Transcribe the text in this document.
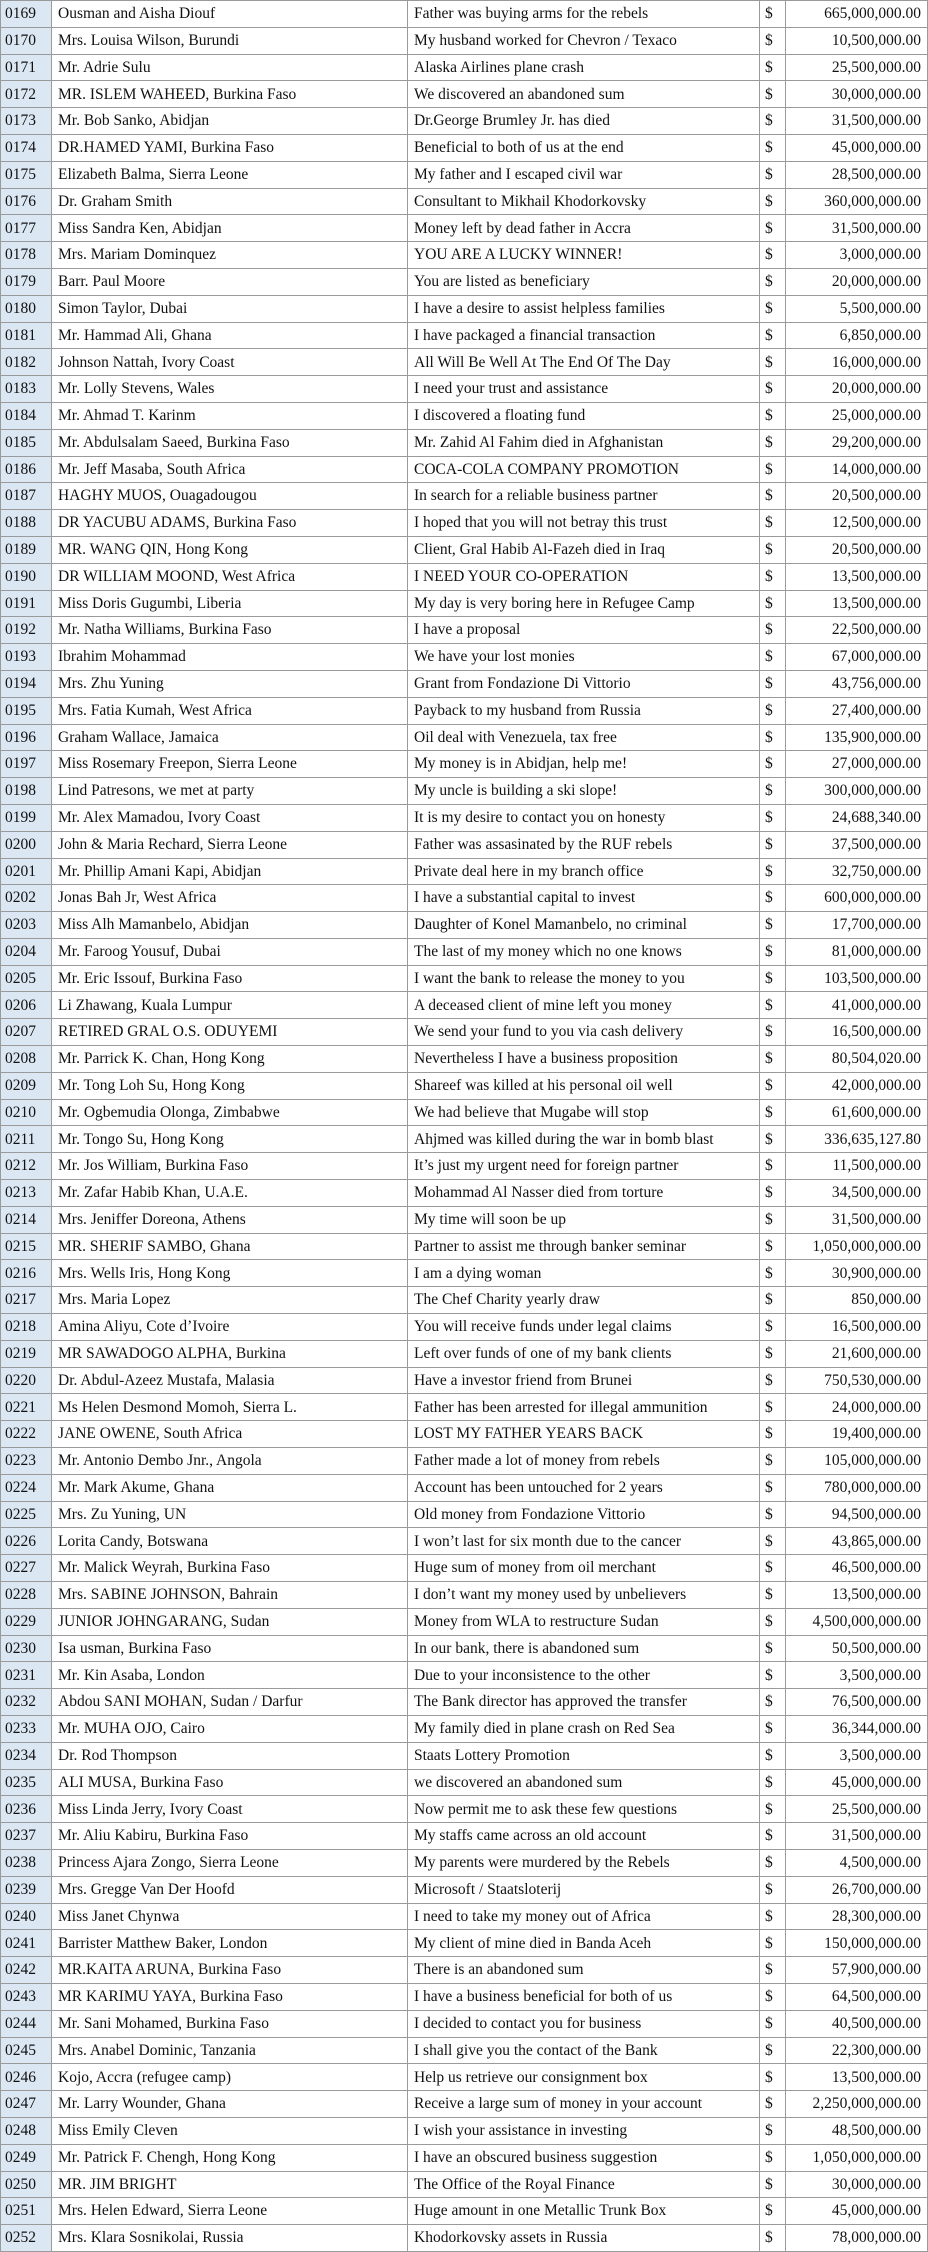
0169	Ousman and Aisha Diouf	Father was buying arms for the rebels	$	665,000,000.00
0170	Mrs. Louisa Wilson, Burundi	My husband worked for Chevron / Texaco	$	10,500,000.00
0171	Mr. Adrie Sulu	Alaska Airlines plane crash	$	25,500,000.00
0172	MR. ISLEM WAHEED, Burkina Faso	We discovered an abandoned sum	$	30,000,000.00
0173	Mr. Bob Sanko, Abidjan	Dr.George Brumley Jr. has died	$	31,500,000.00
0174	DR.HAMED YAMI, Burkina Faso	Beneficial to both of us at the end	$	45,000,000.00
0175	Elizabeth Balma, Sierra Leone	My father and I escaped civil war	$	28,500,000.00
0176	Dr. Graham Smith	Consultant to Mikhail Khodorkovsky	$	360,000,000.00
0177	Miss Sandra Ken, Abidjan	Money left by dead father in Accra	$	31,500,000.00
0178	Mrs. Mariam Dominquez	YOU ARE A LUCKY WINNER!	$	3,000,000.00
0179	Barr. Paul Moore	You are listed as beneficiary	$	20,000,000.00
0180	Simon Taylor, Dubai	I have a desire to assist helpless families	$	5,500,000.00
0181	Mr. Hammad Ali, Ghana	I have packaged a financial transaction	$	6,850,000.00
0182	Johnson Nattah, Ivory Coast	All Will Be Well At The End Of The Day	$	16,000,000.00
0183	Mr. Lolly Stevens, Wales	I need your trust and assistance	$	20,000,000.00
0184	Mr. Ahmad T. Karinm	I discovered a floating fund	$	25,000,000.00
0185	Mr. Abdulsalam Saeed, Burkina Faso	Mr. Zahid Al Fahim died in Afghanistan	$	29,200,000.00
0186	Mr. Jeff Masaba, South Africa	COCA-COLA COMPANY PROMOTION	$	14,000,000.00
0187	HAGHY MUOS, Ouagadougou	In search for a reliable business partner	$	20,500,000.00
0188	DR YACUBU ADAMS, Burkina Faso	I hoped that you will not betray this trust	$	12,500,000.00
0189	MR. WANG QIN, Hong Kong	Client, Gral Habib Al-Fazeh died in Iraq	$	20,500,000.00
0190	DR WILLIAM MOOND, West Africa	I NEED YOUR CO-OPERATION	$	13,500,000.00
0191	Miss Doris Gugumbi, Liberia	My day is very boring here in Refugee Camp	$	13,500,000.00
0192	Mr. Natha Williams, Burkina Faso	I have a proposal	$	22,500,000.00
0193	Ibrahim Mohammad	We have your lost monies	$	67,000,000.00
0194	Mrs. Zhu Yuning	Grant from Fondazione Di Vittorio	$	43,756,000.00
0195	Mrs. Fatia Kumah, West Africa	Payback to my husband from Russia	$	27,400,000.00
0196	Graham Wallace, Jamaica	Oil deal with Venezuela, tax free	$	135,900,000.00
0197	Miss Rosemary Freepon, Sierra Leone	My money is in Abidjan, help me!	$	27,000,000.00
0198	Lind Patresons, we met at party	My uncle is building a ski slope!	$	300,000,000.00
0199	Mr. Alex Mamadou, Ivory Coast	It is my desire to contact you on honesty	$	24,688,340.00
0200	John & Maria Rechard, Sierra Leone	Father was assasinated by the RUF rebels	$	37,500,000.00
0201	Mr. Phillip Amani Kapi, Abidjan	Private deal here in my branch office	$	32,750,000.00
0202	Jonas Bah Jr, West Africa	I have a substantial capital to invest	$	600,000,000.00
0203	Miss Alh Mamanbelo, Abidjan	Daughter of Konel Mamanbelo, no criminal	$	17,700,000.00
0204	Mr. Faroog Yousuf, Dubai	The last of my money which no one knows	$	81,000,000.00
0205	Mr. Eric Issouf, Burkina Faso	I want the bank to release the money to you	$	103,500,000.00
0206	Li Zhawang, Kuala Lumpur	A deceased client of mine left you money	$	41,000,000.00
0207	RETIRED GRAL O.S. ODUYEMI	We send your fund to you via cash delivery	$	16,500,000.00
0208	Mr. Parrick K. Chan, Hong Kong	Nevertheless I have a business proposition	$	80,504,020.00
0209	Mr. Tong Loh Su, Hong Kong	Shareef was killed at his personal oil well	$	42,000,000.00
0210	Mr. Ogbemudia Olonga, Zimbabwe	We had believe that Mugabe will stop	$	61,600,000.00
0211	Mr. Tongo Su, Hong Kong	Ahjmed was killed during the war in bomb blast	$	336,635,127.80
0212	Mr. Jos William, Burkina Faso	It’s just my urgent need for foreign partner	$	11,500,000.00
0213	Mr. Zafar Habib Khan, U.A.E.	Mohammad Al Nasser died from torture	$	34,500,000.00
0214	Mrs. Jeniffer Doreona, Athens	My time will soon be up	$	31,500,000.00
0215	MR. SHERIF SAMBO, Ghana	Partner to assist me through banker seminar	$	1,050,000,000.00
0216	Mrs. Wells Iris, Hong Kong	I am a dying woman	$	30,900,000.00
0217	Mrs. Maria Lopez	The Chef Charity yearly draw	$	850,000.00
0218	Amina Aliyu, Cote d’Ivoire	You will receive funds under legal claims	$	16,500,000.00
0219	MR SAWADOGO ALPHA, Burkina	Left over funds of one of my bank clients	$	21,600,000.00
0220	Dr. Abdul-Azeez Mustafa, Malasia	Have a investor friend from Brunei	$	750,530,000.00
0221	Ms Helen Desmond Momoh, Sierra L.	Father has been arrested for illegal ammunition	$	24,000,000.00
0222	JANE OWENE, South Africa	LOST MY FATHER YEARS BACK	$	19,400,000.00
0223	Mr. Antonio Dembo Jnr., Angola	Father made a lot of money from rebels	$	105,000,000.00
0224	Mr. Mark Akume, Ghana	Account has been untouched for 2 years	$	780,000,000.00
0225	Mrs. Zu Yuning, UN	Old money from Fondazione Vittorio	$	94,500,000.00
0226	Lorita Candy, Botswana	I won’t last for six month due to the cancer	$	43,865,000.00
0227	Mr. Malick Weyrah, Burkina Faso	Huge sum of money from oil merchant	$	46,500,000.00
0228	Mrs. SABINE JOHNSON, Bahrain	I don’t want my money used by unbelievers	$	13,500,000.00
0229	JUNIOR JOHNGARANG, Sudan	Money from WLA to restructure Sudan	$	4,500,000,000.00
0230	Isa usman, Burkina Faso	In our bank, there is abandoned sum	$	50,500,000.00
0231	Mr. Kin Asaba, London	Due to your inconsistence to the other	$	3,500,000.00
0232	Abdou SANI MOHAN, Sudan / Darfur	The Bank director has approved the transfer	$	76,500,000.00
0233	Mr. MUHA OJO, Cairo	My family died in plane crash on Red Sea	$	36,344,000.00
0234	Dr. Rod Thompson	Staats Lottery Promotion	$	3,500,000.00
0235	ALI MUSA, Burkina Faso	we discovered an abandoned sum	$	45,000,000.00
0236	Miss Linda Jerry, Ivory Coast	Now permit me to ask these few questions	$	25,500,000.00
0237	Mr. Aliu Kabiru, Burkina Faso	My staffs came across an old account	$	31,500,000.00
0238	Princess Ajara Zongo, Sierra Leone	My parents were murdered by the Rebels	$	4,500,000.00
0239	Mrs. Gregge Van Der Hoofd	Microsoft / Staatsloterij	$	26,700,000.00
0240	Miss Janet Chynwa	I need to take my money out of Africa	$	28,300,000.00
0241	Barrister Matthew Baker, London	My client of mine died in Banda Aceh	$	150,000,000.00
0242	MR.KAITA ARUNA, Burkina Faso	There is an abandoned sum	$	57,900,000.00
0243	MR KARIMU YAYA, Burkina Faso	I have a business beneficial for both of us	$	64,500,000.00
0244	Mr. Sani Mohamed, Burkina Faso	I decided to contact you for business	$	40,500,000.00
0245	Mrs. Anabel Dominic, Tanzania	I shall give you the contact of the Bank	$	22,300,000.00
0246	Kojo, Accra (refugee camp)	Help us retrieve our consignment box	$	13,500,000.00
0247	Mr. Larry Wounder, Ghana	Receive a large sum of money in your account	$	2,250,000,000.00
0248	Miss Emily Cleven	I wish your assistance in investing	$	48,500,000.00
0249	Mr. Patrick F. Chengh, Hong Kong	I have an obscured business suggestion	$	1,050,000,000.00
0250	MR. JIM BRIGHT	The Office of the Royal Finance	$	30,000,000.00
0251	Mrs. Helen Edward, Sierra Leone	Huge amount in one Metallic Trunk Box	$	45,000,000.00
0252	Mrs. Klara Sosnikolai, Russia	Khodorkovsky assets in Russia	$	78,000,000.00
